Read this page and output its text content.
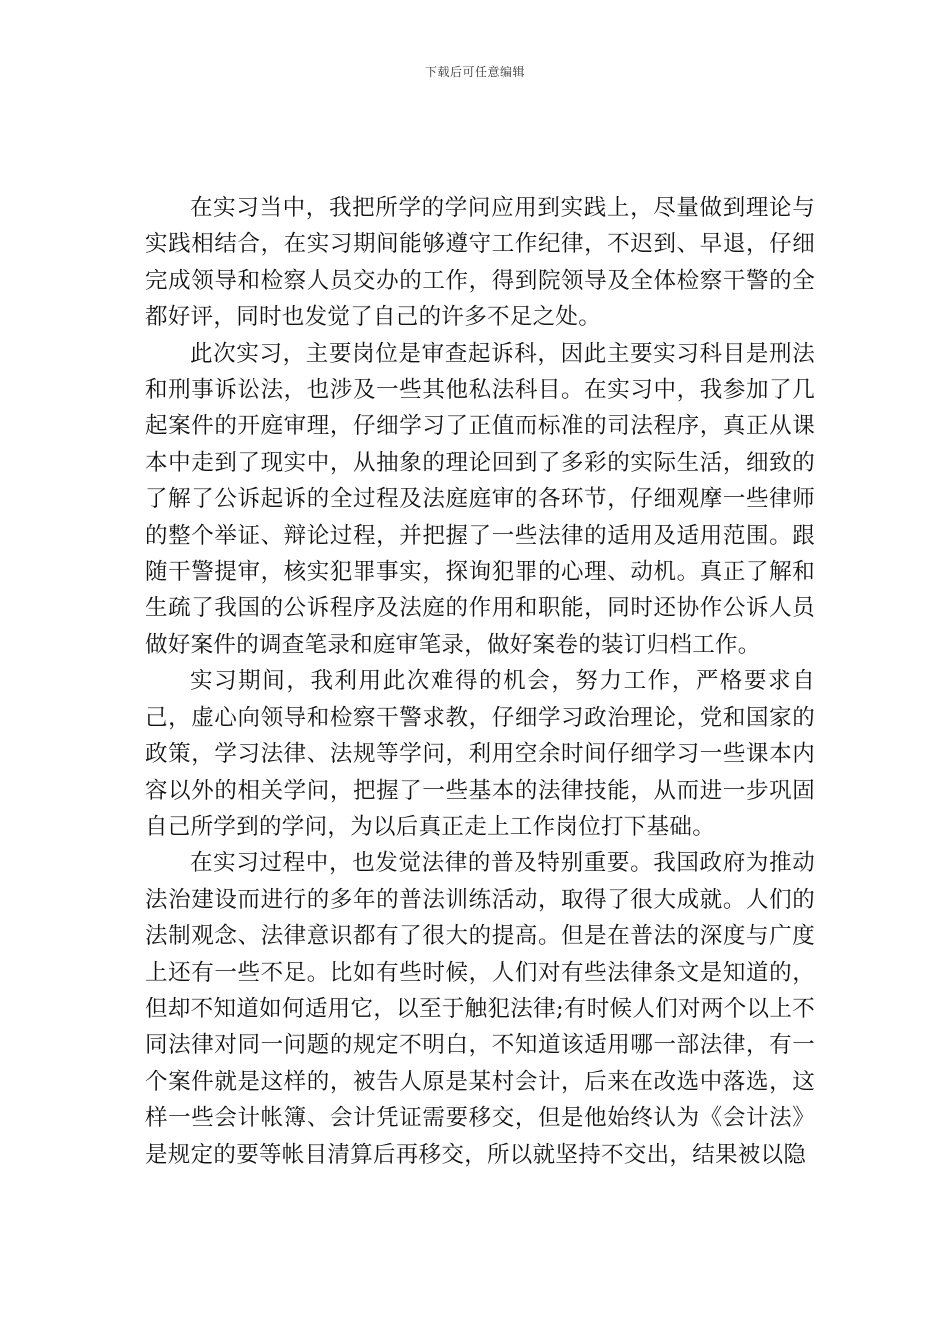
下载后可任意编辑

在实习当中，我把所学的学问应用到实践上，尽量做到理论与实践相结合，在实习期间能够遵守工作纪律，不迟到、早退，仔细完成领导和检察人员交办的工作，得到院领导及全体检察干警的全都好评，同时也发觉了自己的许多不足之处。

此次实习，主要岗位是审查起诉科，因此主要实习科目是刑法和刑事诉讼法，也涉及一些其他私法科目。在实习中，我参加了几起案件的开庭审理，仔细学习了正值而标准的司法程序，真正从课本中走到了现实中，从抽象的理论回到了多彩的实际生活，细致的了解了公诉起诉的全过程及法庭庭审的各环节，仔细观摩一些律师的整个举证、辩论过程，并把握了一些法律的适用及适用范围。跟随干警提审，核实犯罪事实，探询犯罪的心理、动机。真正了解和生疏了我国的公诉程序及法庭的作用和职能，同时还协作公诉人员做好案件的调查笔录和庭审笔录，做好案卷的装订归档工作。

实习期间，我利用此次难得的机会，努力工作，严格要求自己，虚心向领导和检察干警求教，仔细学习政治理论，党和国家的政策，学习法律、法规等学问，利用空余时间仔细学习一些课本内容以外的相关学问，把握了一些基本的法律技能，从而进一步巩固自己所学到的学问，为以后真正走上工作岗位打下基础。

在实习过程中，也发觉法律的普及特别重要。我国政府为推动法治建设而进行的多年的普法训练活动，取得了很大成就。人们的法制观念、法律意识都有了很大的提高。但是在普法的深度与广度上还有一些不足。比如有些时候，人们对有些法律条文是知道的，但却不知道如何适用它，以至于触犯法律;有时候人们对两个以上不同法律对同一问题的规定不明白，不知道该适用哪一部法律，有一个案件就是这样的，被告人原是某村会计，后来在改选中落选，这样一些会计帐簿、会计凭证需要移交，但是他始终认为《会计法》是规定的要等帐目清算后再移交，所以就坚持不交出，结果被以隐
